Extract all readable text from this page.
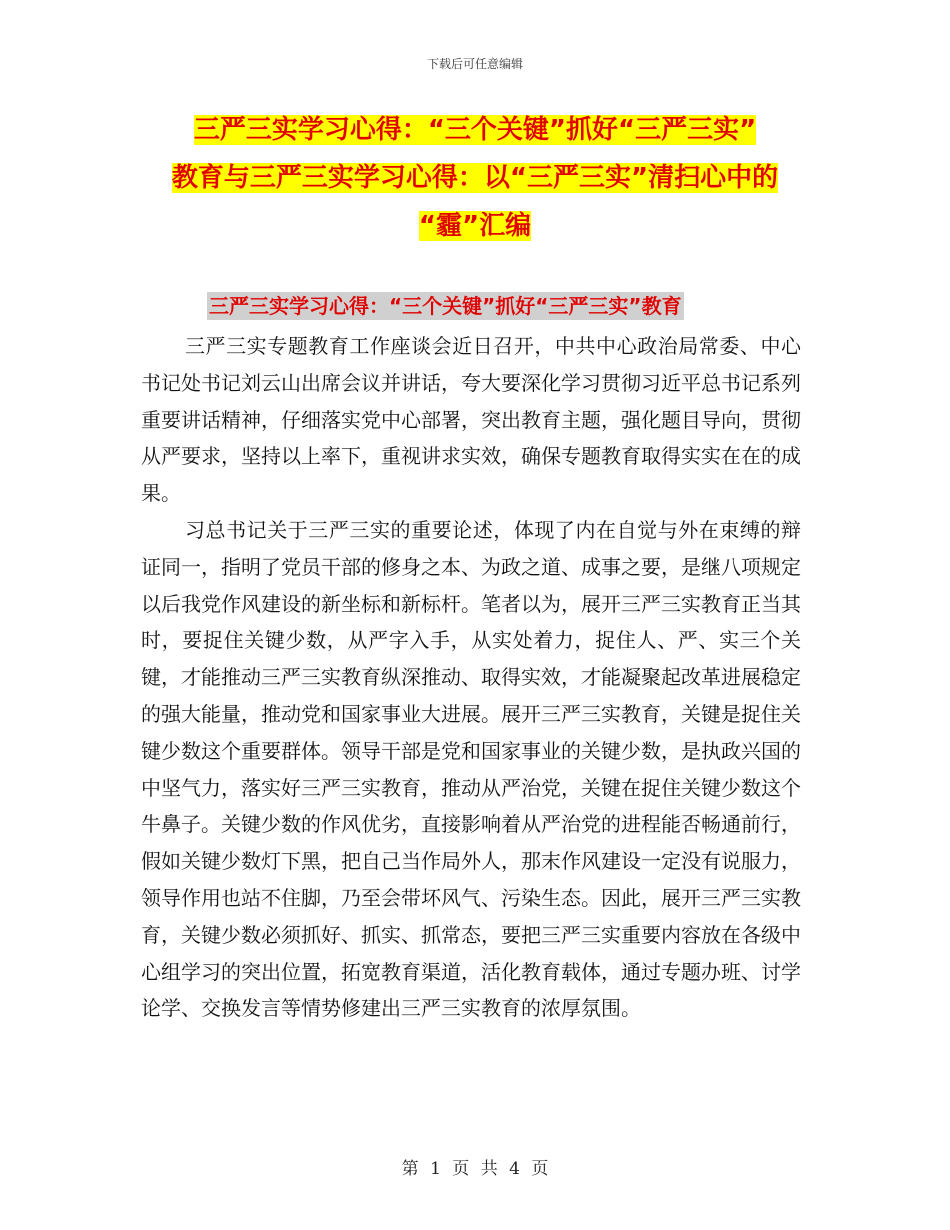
下载后可任意编辑
三严三实学习心得：“三个关键”抓好“三严三实”
教育与三严三实学习心得：以“三严三实”清扫心中的
“霾”汇编
三严三实学习心得：“三个关键”抓好“三严三实”教育

三严三实专题教育工作座谈会近日召开，中共中心政治局常委、中心书记处书记刘云山出席会议并讲话，夸大要深化学习贯彻习近平总书记系列重要讲话精神，仔细落实党中心部署，突出教育主题，强化题目导向，贯彻从严要求，坚持以上率下，重视讲求实效，确保专题教育取得实实在在的成果。

习总书记关于三严三实的重要论述，体现了内在自觉与外在束缚的辩证同一，指明了党员干部的修身之本、为政之道、成事之要，是继八项规定以后我党作风建设的新坐标和新标杆。笔者以为，展开三严三实教育正当其时，要捉住关键少数，从严字入手，从实处着力，捉住人、严、实三个关键，才能推动三严三实教育纵深推动、取得实效，才能凝聚起改革进展稳定的强大能量，推动党和国家事业大进展。展开三严三实教育，关键是捉住关键少数这个重要群体。领导干部是党和国家事业的关键少数，是执政兴国的中坚气力，落实好三严三实教育，推动从严治党，关键在捉住关键少数这个牛鼻子。关键少数的作风优劣，直接影响着从严治党的进程能否畅通前行，假如关键少数灯下黑，把自己当作局外人，那末作风建设一定没有说服力，领导作用也站不住脚，乃至会带坏风气、污染生态。因此，展开三严三实教育，关键少数必须抓好、抓实、抓常态，要把三严三实重要内容放在各级中心组学习的突出位置，拓宽教育渠道，活化教育载体，通过专题办班、讨学论学、交换发言等情势修建出三严三实教育的浓厚氛围。

第 1 页 共 4 页
